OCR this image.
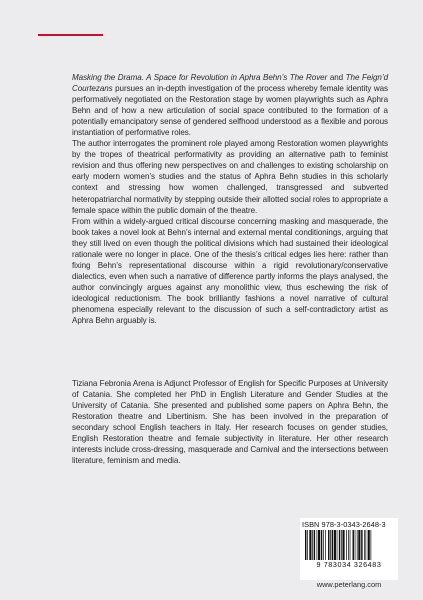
Masking the Drama. A Space for Revolution in Aphra Behn’s The Rover and The Feign’d Courtezans pursues an in-depth investigation of the process whereby female identity was performatively negotiated on the Restoration stage by women playwrights such as Aphra Behn and of how a new articulation of social space contributed to the formation of a potentially emancipatory sense of gendered selfhood understood as a flexible and porous instantiation of performative roles.

The author interrogates the prominent role played among Restoration women playwrights by the tropes of theatrical performativity as providing an alternative path to feminist revision and thus offering new perspectives on and challenges to existing scholarship on early modern women’s studies and the status of Aphra Behn studies in this scholarly context and stressing how women challenged, transgressed and subverted heteropatriarchal normativity by stepping outside their allotted social roles to appropriate a female space within the public domain of the theatre.

From within a widely-argued critical discourse concerning masking and masquerade, the book takes a novel look at Behn’s internal and external mental conditionings, arguing that they still lived on even though the political divisions which had sustained their ideological rationale were no longer in place. One of the thesis’s critical edges lies here: rather than fixing Behn’s representational discourse within a rigid revolutionary/conservative dialectics, even when such a narrative of difference partly informs the plays analysed, the author convincingly argues against any monolithic view, thus eschewing the risk of ideological reductionism. The book brilliantly fashions a novel narrative of cultural phenomena especially relevant to the discussion of such a self-contradictory artist as Aphra Behn arguably is.

Tiziana Febronia Arena is Adjunct Professor of English for Specific Purposes at University of Catania. She completed her PhD in English Literature and Gender Studies at the University of Catania. She presented and published some papers on Aphra Behn, the Restoration theatre and Libertinism. She has been involved in the preparation of secondary school English teachers in Italy. Her research focuses on gender studies, English Restoration theatre and female subjectivity in literature. Her other research interests include cross-dressing, masquerade and Carnival and the intersections between literature, feminism and media.
ISBN 978-3-0343-2648-3
9 783034 326483
www.peterlang.com
